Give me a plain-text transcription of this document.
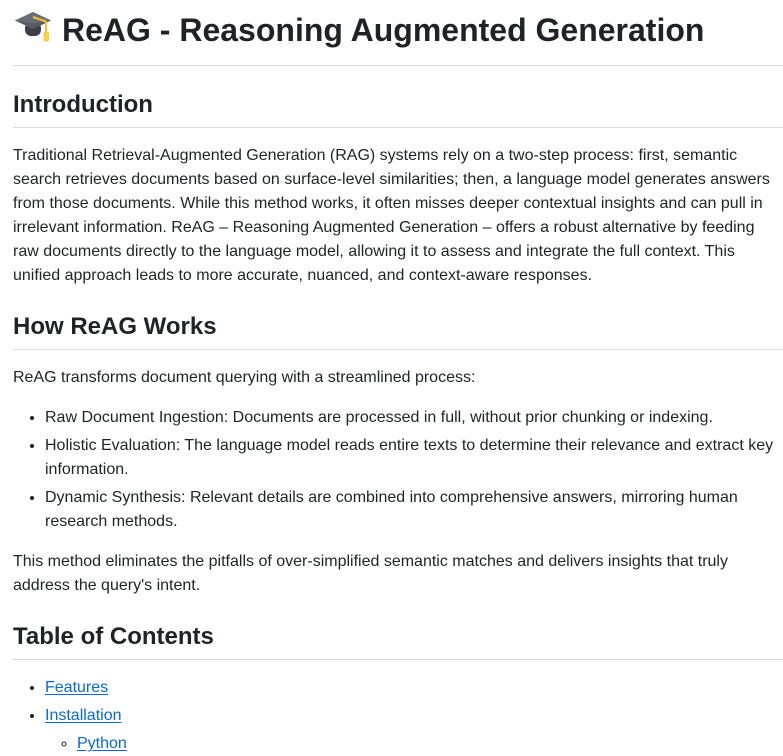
ReAG - Reasoning Augmented Generation
Introduction

Traditional Retrieval-Augmented Generation (RAG) systems rely on a two-step process: first, semantic search retrieves documents based on surface-level similarities; then, a language model generates answers from those documents. While this method works, it often misses deeper contextual insights and can pull in irrelevant information. ReAG – Reasoning Augmented Generation – offers a robust alternative by feeding raw documents directly to the language model, allowing it to assess and integrate the full context. This unified approach leads to more accurate, nuanced, and context-aware responses.

How ReAG Works

ReAG transforms document querying with a streamlined process:

• Raw Document Ingestion: Documents are processed in full, without prior chunking or indexing.
• Holistic Evaluation: The language model reads entire texts to determine their relevance and extract key information.
• Dynamic Synthesis: Relevant details are combined into comprehensive answers, mirroring human research methods.

This method eliminates the pitfalls of over-simplified semantic matches and delivers insights that truly address the query's intent.

Table of Contents
• Features
• Installation
◦ Python
